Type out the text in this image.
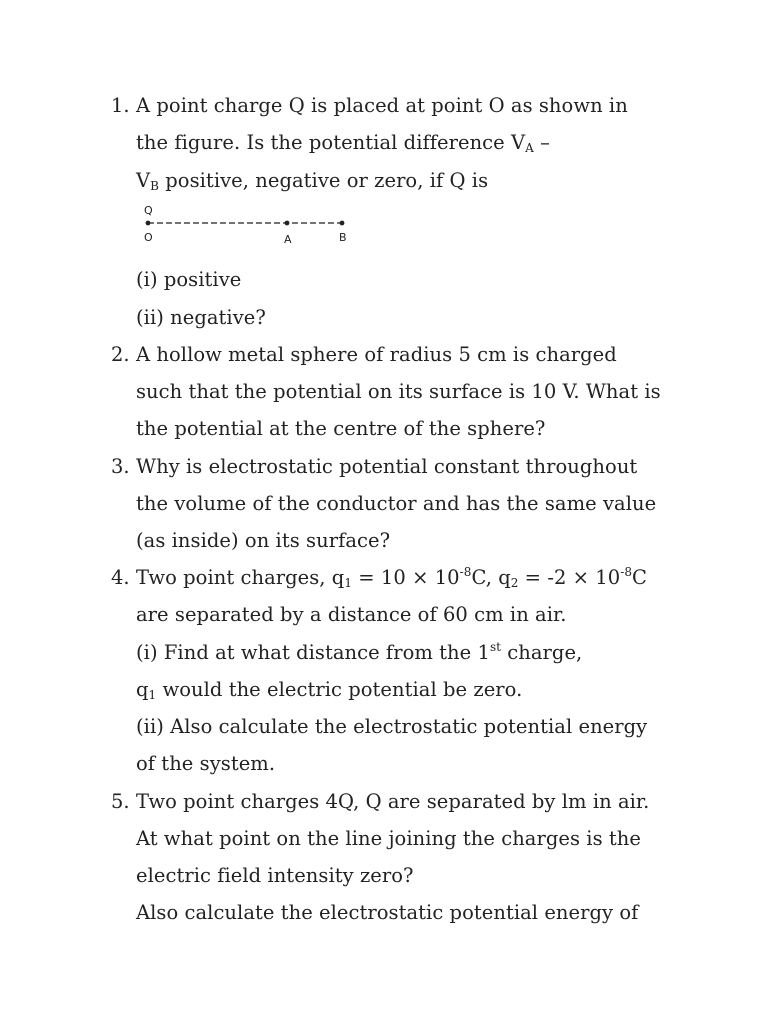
1. A point charge Q is placed at point O as shown in
the figure. Is the potential difference $V_A$ –
$V_B$ positive, negative or zero, if Q is
Q
O	A	B
(i) positive
(ii) negative?
2. A hollow metal sphere of radius 5 cm is charged
such that the potential on its surface is 10 V. What is
the potential at the centre of the sphere?
3. Why is electrostatic potential constant throughout
the volume of the conductor and has the same value
(as inside) on its surface?
4. Two point charges, $q_1 = 10 \times 10^{-8}C$, $q_2 = -2 \times 10^{-8}C$
are separated by a distance of 60 cm in air.
(i) Find at what distance from the 1st charge,
$q_1$ would the electric potential be zero.
(ii) Also calculate the electrostatic potential energy
of the system.
5. Two point charges 4Q, Q are separated by lm in air.
At what point on the line joining the charges is the
electric field intensity zero?
Also calculate the electrostatic potential energy of
